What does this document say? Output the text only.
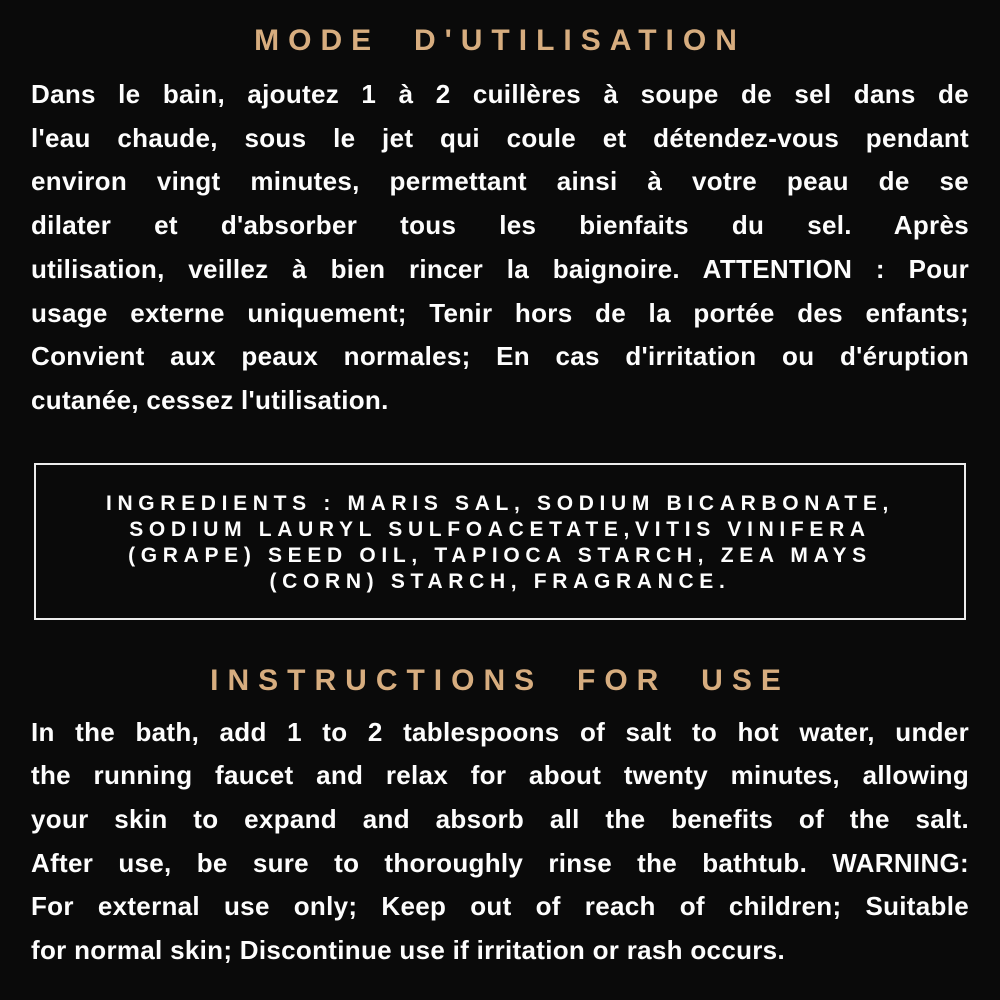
MODE D'UTILISATION
Dans le bain, ajoutez 1 à 2 cuillères à soupe de sel dans de
l'eau chaude, sous le jet qui coule et détendez-vous pendant
environ vingt minutes, permettant ainsi à votre peau de se
dilater et d'absorber tous les bienfaits du sel. Après
utilisation, veillez à bien rincer la baignoire. ATTENTION : Pour
usage externe uniquement; Tenir hors de la portée des enfants;
Convient aux peaux normales; En cas d'irritation ou d'éruption
cutanée, cessez l'utilisation.
INGREDIENTS : MARIS SAL, SODIUM BICARBONATE,
SODIUM LAURYL SULFOACETATE,VITIS VINIFERA
(GRAPE) SEED OIL, TAPIOCA STARCH, ZEA MAYS
(CORN) STARCH, FRAGRANCE.
INSTRUCTIONS FOR USE
In the bath, add 1 to 2 tablespoons of salt to hot water, under
the running faucet and relax for about twenty minutes, allowing
your skin to expand and absorb all the benefits of the salt.
After use, be sure to thoroughly rinse the bathtub. WARNING:
For external use only; Keep out of reach of children; Suitable
for normal skin; Discontinue use if irritation or rash occurs.
